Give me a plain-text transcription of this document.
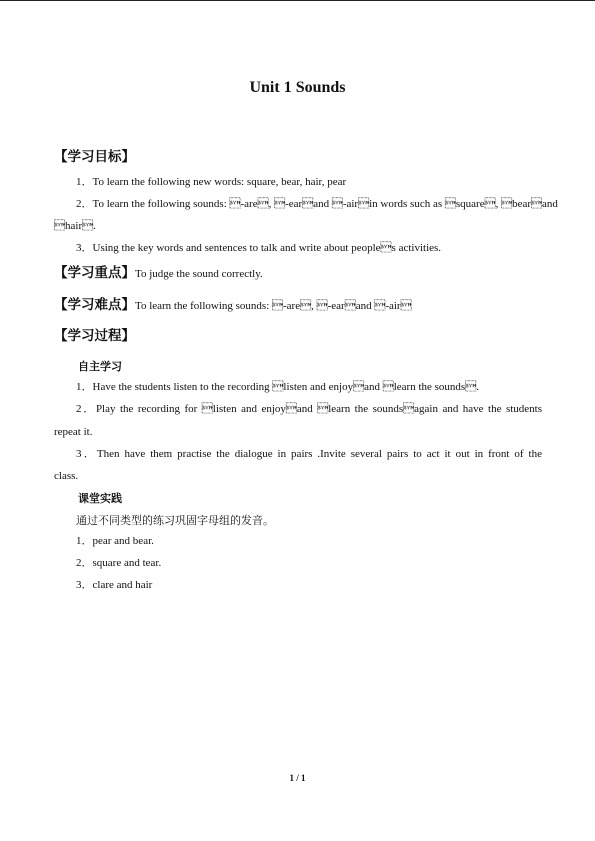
Unit 1 Sounds
【学习目标】
1．To learn the following new words: square, bear, hair, pear
2．To learn the following sounds: -are, -earand -airin words such as square, bearand
hair.
3．Using the key words and sentences to talk and write about peoples activities.
【学习重点】To judge the sound correctly.
【学习难点】To learn the following sounds: -are, -earand -air
【学习过程】
自主学习
1．Have the students listen to the recording listen and enjoyand learn the sounds.
2．Play the recording for listen and enjoyand learn the soundsagain and have the students
repeat it.
3．Then have them practise the dialogue in pairs .Invite several pairs to act it out in front of the
class.
课堂实践
通过不同类型的练习巩固字母组的发音。
1．pear and bear.
2．square and tear.
3．clare and hair
1 / 1
